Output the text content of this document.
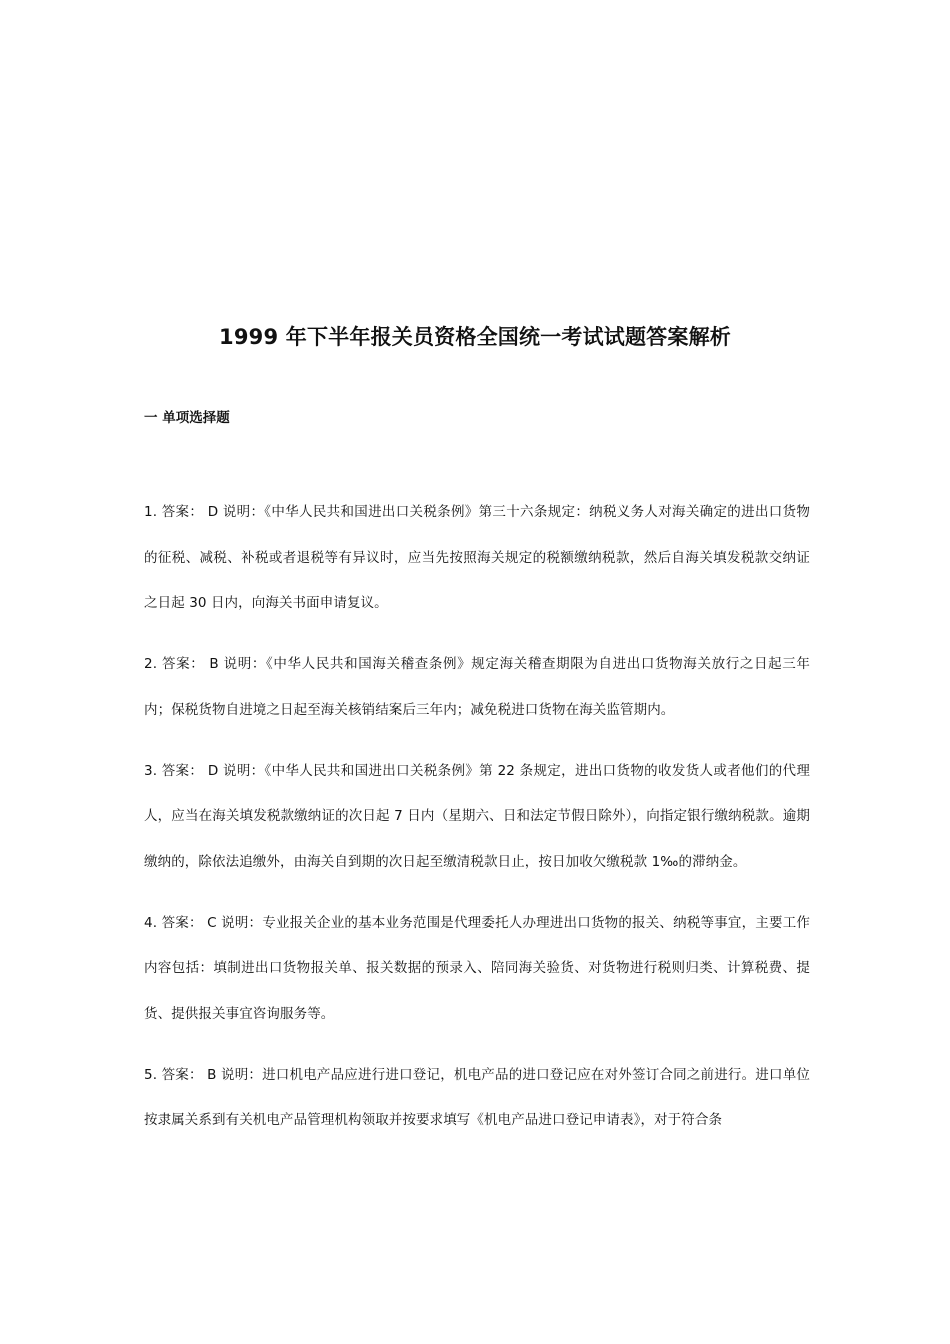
1999 年下半年报关员资格全国统一考试试题答案解析
一 单项选择题

1. 答案： D 说明：《中华人民共和国进出口关税条例》第三十六条规定：纳税义务人对海关确定的进出口货物的征税、减税、补税或者退税等有异议时，应当先按照海关规定的税额缴纳税款，然后自海关填发税款交纳证之日起 30 日内，向海关书面申请复议。

2. 答案： B 说明：《中华人民共和国海关稽查条例》规定海关稽查期限为自进出口货物海关放行之日起三年内；保税货物自进境之日起至海关核销结案后三年内；减免税进口货物在海关监管期内。

3. 答案： D 说明：《中华人民共和国进出口关税条例》第 22 条规定，进出口货物的收发货人或者他们的代理人，应当在海关填发税款缴纳证的次日起 7 日内（星期六、日和法定节假日除外），向指定银行缴纳税款。逾期缴纳的，除依法追缴外，由海关自到期的次日起至缴清税款日止，按日加收欠缴税款 1‰的滞纳金。

4. 答案： C 说明：专业报关企业的基本业务范围是代理委托人办理进出口货物的报关、纳税等事宜，主要工作内容包括：填制进出口货物报关单、报关数据的预录入、陪同海关验货、对货物进行税则归类、计算税费、提货、提供报关事宜咨询服务等。

5. 答案： B 说明：进口机电产品应进行进口登记，机电产品的进口登记应在对外签订合同之前进行。进口单位按隶属关系到有关机电产品管理机构领取并按要求填写《机电产品进口登记申请表》，对于符合条
